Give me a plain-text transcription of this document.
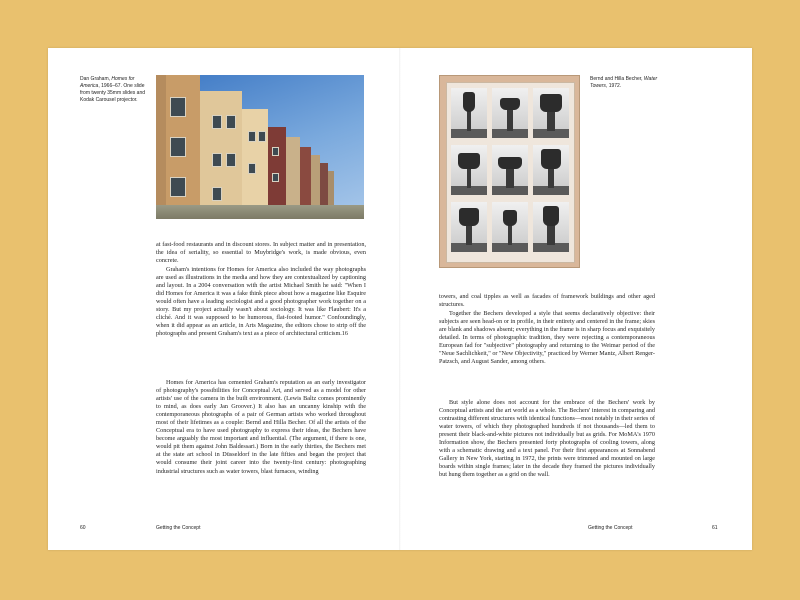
Dan Graham, Homes for America, 1966–67. One slide from twenty 35mm slides and Kodak Carousel projector.

at fast-food restaurants and in discount stores. In subject matter and in presentation, the idea of seriality, so essential to Muybridge's work, is made obvious, even concrete.

Graham's intentions for Homes for America also included the way photographs are used as illustrations in the media and how they are contextualized by captioning and layout. In a 2004 conversation with the artist Michael Smith he said: "When I did Homes for America it was a fake think piece about how a magazine like Esquire would often have a leading sociologist and a good photographer work together on a story. But my project actually wasn't about sociology. It was like Flaubert: It's a cliché. And it was supposed to be humorous, flat-footed humor." Confoundingly, when it did appear as an article, in Arts Magazine, the editors chose to strip off the photographs and present Graham's text as a piece of architectural criticism.16

Homes for America has cemented Graham's reputation as an early investigator of photography's possibilities for Conceptual Art, and served as a model for other artists' use of the camera in the built environment. (Lewis Baltz comes prominently to mind, as does early Jan Groover.) It also has an uncanny kinship with the contemporaneous photographs of a pair of German artists who worked throughout most of their lifetimes as a couple: Bernd and Hilla Becher. Of all the artists of the Conceptual era to have used photography to express their ideas, the Bechers have become arguably the most important and influential. (The argument, if there is one, would pit them against John Baldessari.) Born in the early thirties, the Bechers met at the state art school in Düsseldorf in the late fifties and began the project that would consume their joint career into the twenty-first century: photographing industrial structures such as water towers, blast furnaces, winding

60	Getting the Concept
Bernd and Hilla Becher, Water Towers, 1972.

towers, and coal tipples as well as facades of framework buildings and other aged structures.

Together the Bechers developed a style that seems declaratively objective: their subjects are seen head-on or in profile, in their entirety and centered in the frame; skies are blank and shadows absent; everything in the frame is in sharp focus and exquisitely detailed. In terms of photographic tradition, they were rejecting a contemporaneous European fad for "subjective" photography and returning to the Weimar period of the "Neue Sachlichkeit," or "New Objectivity," practiced by Werner Mantz, Albert Renger-Patzsch, and August Sander, among others.

But style alone does not account for the embrace of the Bechers' work by Conceptual artists and the art world as a whole. The Bechers' interest in comparing and contrasting different structures with identical functions—most notably in their series of water towers, of which they photographed hundreds if not thousands—led them to present their black-and-white pictures not individually but as grids. For MoMA's 1970 Information show, the Bechers presented forty photographs of cooling towers, along with a schematic drawing and a text panel. For their first appearances at Sonnabend Gallery in New York, starting in 1972, the prints were trimmed and mounted on large boards within single frames; later in the decade they framed the pictures individually but hung them together as a grid on the wall.

Getting the Concept	61
